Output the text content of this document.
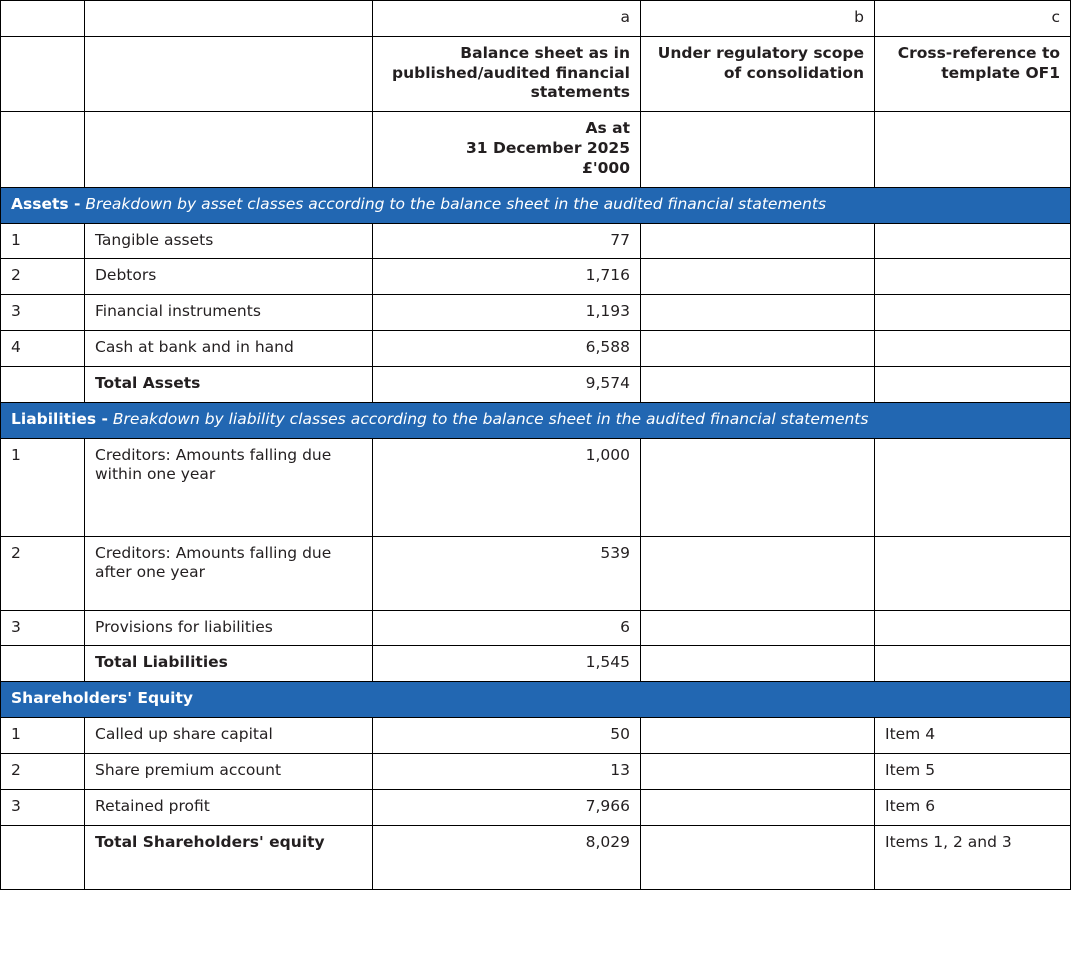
		a	b	c
		Balance sheet as in published/audited financial statements	Under regulatory scope of consolidation	Cross-reference to template OF1

		As at
31 December 2025
£'000		

Assets - Breakdown by asset classes according to the balance sheet in the audited financial statements				
1	Tangible assets	77		
2	Debtors	1,716		
3	Financial instruments	1,193		
4	Cash at bank and in hand	6,588		
	Total Assets	9,574		
Liabilities - Breakdown by liability classes according to the balance sheet in the audited financial statements				
1	Creditors: Amounts falling due within one year	1,000		
2	Creditors: Amounts falling due after one year	539		
3	Provisions for liabilities	6		
	Total Liabilities	1,545		
Shareholders' Equity				
1	Called up share capital	50		Item 4
2	Share premium account	13		Item 5
3	Retained profit	7,966		Item 6
	Total Shareholders' equity	8,029		Items 1, 2 and 3
